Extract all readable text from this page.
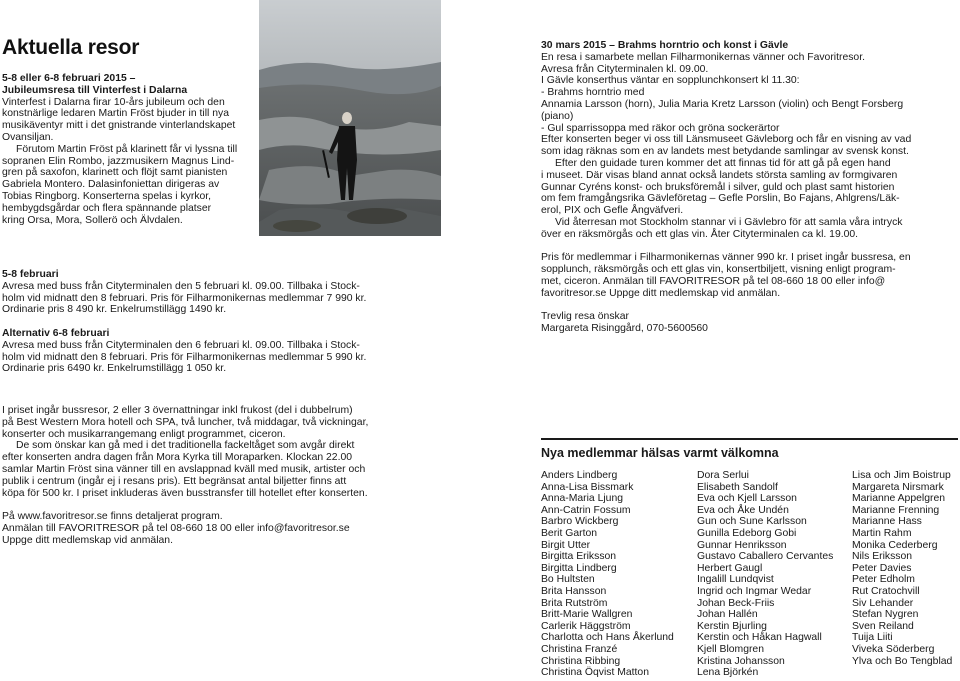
Aktuella resor

5-8 eller 6-8 februari 2015 –

Jubileumsresa till Vinterfest i Dalarna

Vinterfest i Dalarna firar 10-års jubileum och den

konstnärlige ledaren Martin Fröst bjuder in till nya

musikäventyr mitt i det gnistrande vinterlandskapet

Ovansiljan.

Förutom Martin Fröst på klarinett får vi lyssna till

sopranen Elin Rombo, jazzmusikern Magnus Lind-

gren på saxofon, klarinett och flöjt samt pianisten

Gabriela Montero. Dalasinfoniettan dirigeras av

Tobias Ringborg. Konserterna spelas i kyrkor,

hembygdsgårdar och flera spännande platser

kring Orsa, Mora, Sollerö och Älvdalen.

5-8 februari

Avresa med buss från Cityterminalen den 5 februari kl. 09.00. Tillbaka i Stock-

holm vid midnatt den 8 februari. Pris för Filharmonikernas medlemmar 7 990 kr.

Ordinarie pris 8 490 kr. Enkelrumstillägg 1490 kr.

Alternativ 6-8 februari

Avresa med buss från Cityterminalen den 6 februari kl. 09.00. Tillbaka i Stock-

holm vid midnatt den 8 februari. Pris för Filharmonikernas medlemmar 5 990 kr.

Ordinarie pris 6490 kr. Enkelrumstillägg 1 050 kr.

I priset ingår bussresor, 2 eller 3 övernattningar inkl frukost (del i dubbelrum)

på Best Western Mora hotell och SPA, två luncher, två middagar, två vickningar,

konserter och musikarrangemang enligt programmet, ciceron.

De som önskar kan gå med i det traditionella fackeltåget som avgår direkt

efter konserten andra dagen från Mora Kyrka till Moraparken. Klockan 22.00

samlar Martin Fröst sina vänner till en avslappnad kväll med musik, artister och

publik i centrum (ingår ej i resans pris). Ett begränsat antal biljetter finns att

köpa för 500 kr. I priset inkluderas även busstransfer till hotellet efter konserten.

På www.favoritresor.se finns detaljerat program.

Anmälan till FAVORITRESOR på tel 08-660 18 00 eller info@favoritresor.se

Uppge ditt medlemskap vid anmälan.

30 mars 2015 – Brahms horntrio och konst i Gävle

En resa i samarbete mellan Filharmonikernas vänner och Favoritresor.

Avresa från Cityterminalen kl. 09.00.

I Gävle konserthus väntar en sopplunchkonsert kl 11.30:

- Brahms horntrio med

Annamia Larsson (horn), Julia Maria Kretz Larsson (violin) och Bengt Forsberg

(piano)

- Gul sparrissoppa med räkor och gröna sockerärtor

Efter konserten beger vi oss till Länsmuseet Gävleborg och får en visning av vad

som idag räknas som en av landets mest betydande samlingar av svensk konst.

Efter den guidade turen kommer det att finnas tid för att gå på egen hand

i museet. Där visas bland annat också landets största samling av formgivaren

Gunnar Cyréns konst- och bruksföremål i silver, guld och plast samt historien

om fem framgångsrika Gävleföretag – Gefle Porslin, Bo Fajans, Ahlgrens/Läk-

erol, PIX och Gefle Ångväfveri.

Vid återresan mot Stockholm stannar vi i Gävlebro för att samla våra intryck

över en räksmörgås och ett glas vin. Åter Cityterminalen ca kl. 19.00.

Pris för medlemmar i Filharmonikernas vänner 990 kr. I priset ingår bussresa, en

sopplunch, räksmörgås och ett glas vin, konsertbiljett, visning enligt program-

met, ciceron. Anmälan till FAVORITRESOR på tel 08-660 18 00 eller info@

favoritresor.se Uppge ditt medlemskap vid anmälan.

Trevlig resa önskar

Margareta Risinggård, 070-5600560

Nya medlemmar hälsas varmt välkomna
Anders Lindberg
Anna-Lisa Bissmark
Anna-Maria Ljung
Ann-Catrin Fossum
Barbro Wickberg
Berit Garton
Birgit Utter
Birgitta Eriksson
Birgitta Lindberg
Bo Hultsten
Brita Hansson
Brita Rutström
Britt-Marie Wallgren
Carlerik Häggström
Charlotta och Hans Åkerlund
Christina Franzé
Christina Ribbing
Christina Öqvist Matton
Dora Serlui
Elisabeth Sandolf
Eva och Kjell Larsson
Eva och Åke Undén
Gun och Sune Karlsson
Gunilla Edeborg Gobi
Gunnar Henriksson
Gustavo Caballero Cervantes
Herbert Gaugl
Ingalill Lundqvist
Ingrid och Ingmar Wedar
Johan Beck-Friis
Johan Hallén
Kerstin Bjurling
Kerstin och Håkan Hagwall
Kjell Blomgren
Kristina Johansson
Lena Björkén
Lisa och Jim Boistrup
Margareta Nirsmark
Marianne Appelgren
Marianne Frenning
Marianne Hass
Martin Rahm
Monika Cederberg
Nils Eriksson
Peter Davies
Peter Edholm
Rut Cratochvill
Siv Lehander
Stefan Nygren
Sven Reiland
Tuija Liiti
Viveka Söderberg
Ylva och Bo Tengblad
